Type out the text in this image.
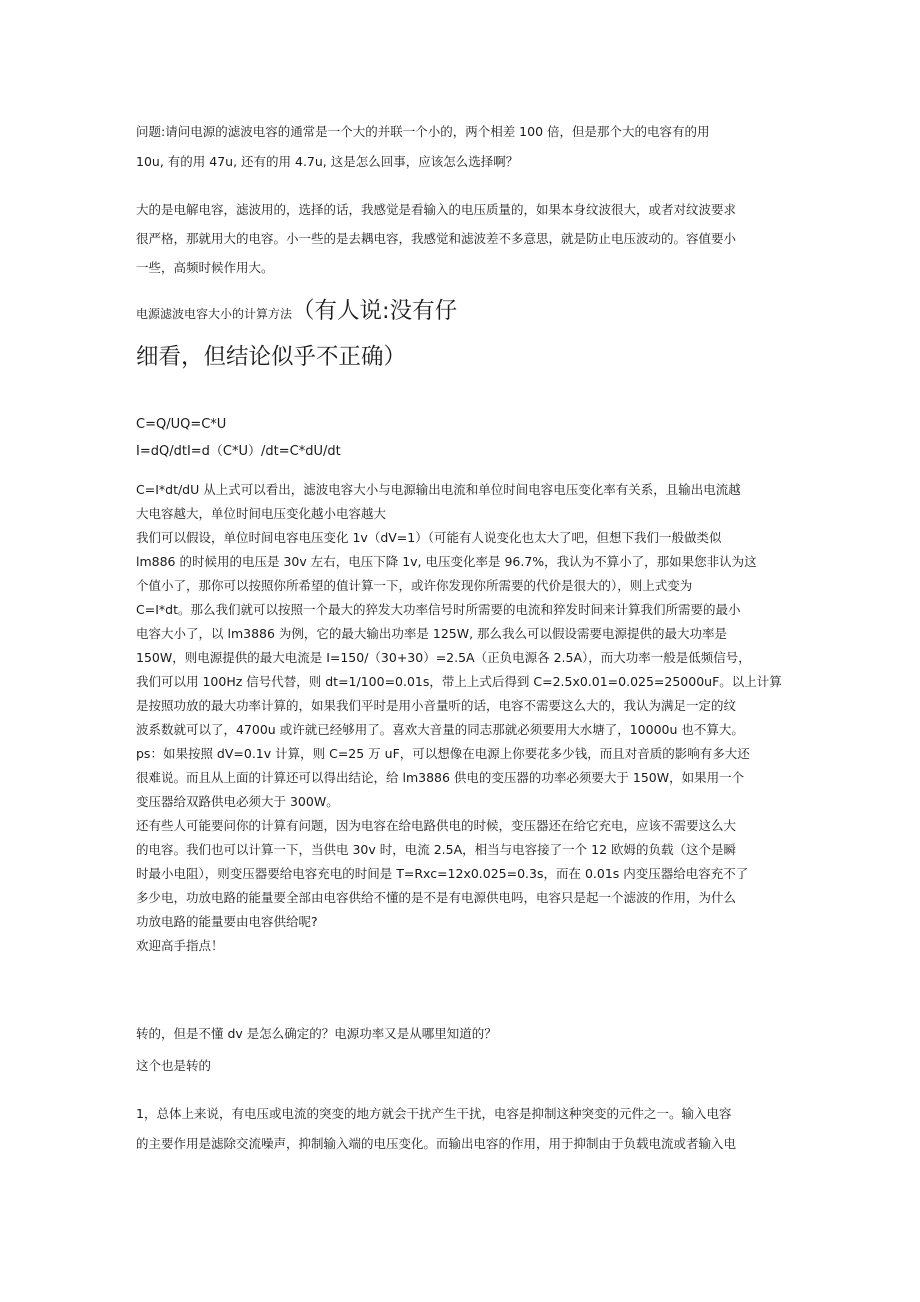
问题:请问电源的滤波电容的通常是一个大的并联一个小的，两个相差 100 倍，但是那个大的电容有的用
10u, 有的用 47u, 还有的用 4.7u, 这是怎么回事，应该怎么选择啊？
大的是电解电容，滤波用的，选择的话，我感觉是看输入的电压质量的，如果本身纹波很大，或者对纹波要求
很严格，那就用大的电容。小一些的是去耦电容，我感觉和滤波差不多意思，就是防止电压波动的。容值要小
一些，高频时候作用大。
电源滤波电容大小的计算方法（有人说:没有仔
细看，但结论似乎不正确）
C=Q/UQ=C*U
I=dQ/dtI=d（C*U）/dt=C*dU/dt
C=I*dt/dU 从上式可以看出，滤波电容大小与电源输出电流和单位时间电容电压变化率有关系，且输出电流越
大电容越大，单位时间电压变化越小电容越大
我们可以假设，单位时间电容电压变化 1v（dV=1）（可能有人说变化也太大了吧，但想下我们一般做类似
lm886 的时候用的电压是 30v 左右，电压下降 1v, 电压变化率是 96.7%，我认为不算小了，那如果您非认为这
个值小了，那你可以按照你所希望的值计算一下，或许你发现你所需要的代价是很大的），则上式变为
C=I*dt。那么我们就可以按照一个最大的猝发大功率信号时所需要的电流和猝发时间来计算我们所需要的最小
电容大小了，以 lm3886 为例，它的最大输出功率是 125W, 那么我么可以假设需要电源提供的最大功率是
150W，则电源提供的最大电流是 I=150/（30+30）=2.5A（正负电源各 2.5A），而大功率一般是低频信号，
我们可以用 100Hz 信号代替，则 dt=1/100=0.01s，带上上式后得到 C=2.5x0.01=0.025=25000uF。以上计算
是按照功放的最大功率计算的，如果我们平时是用小音量听的话，电容不需要这么大的，我认为满足一定的纹
波系数就可以了，4700u 或许就已经够用了。喜欢大音量的同志那就必须要用大水塘了，10000u 也不算大。
ps：如果按照 dV=0.1v 计算，则 C=25 万 uF，可以想像在电源上你要花多少钱，而且对音质的影响有多大还
很难说。而且从上面的计算还可以得出结论，给 lm3886 供电的变压器的功率必须要大于 150W，如果用一个
变压器给双路供电必须大于 300W。
还有些人可能要问你的计算有问题，因为电容在给电路供电的时候，变压器还在给它充电，应该不需要这么大
的电容。我们也可以计算一下，当供电 30v 时，电流 2.5A，相当与电容接了一个 12 欧姆的负载（这个是瞬
时最小电阻），则变压器要给电容充电的时间是 T=Rxc=12x0.025=0.3s，而在 0.01s 内变压器给电容充不了
多少电，功放电路的能量要全部由电容供给不懂的是不是有电源供电吗，电容只是起一个滤波的作用，为什么
功放电路的能量要由电容供给呢?
欢迎高手指点！
转的，但是不懂 dv 是怎么确定的？电源功率又是从哪里知道的？
这个也是转的
1，总体上来说，有电压或电流的突变的地方就会干扰产生干扰，电容是抑制这种突变的元件之一。输入电容
的主要作用是滤除交流噪声，抑制输入端的电压变化。而输出电容的作用，用于抑制由于负载电流或者输入电
